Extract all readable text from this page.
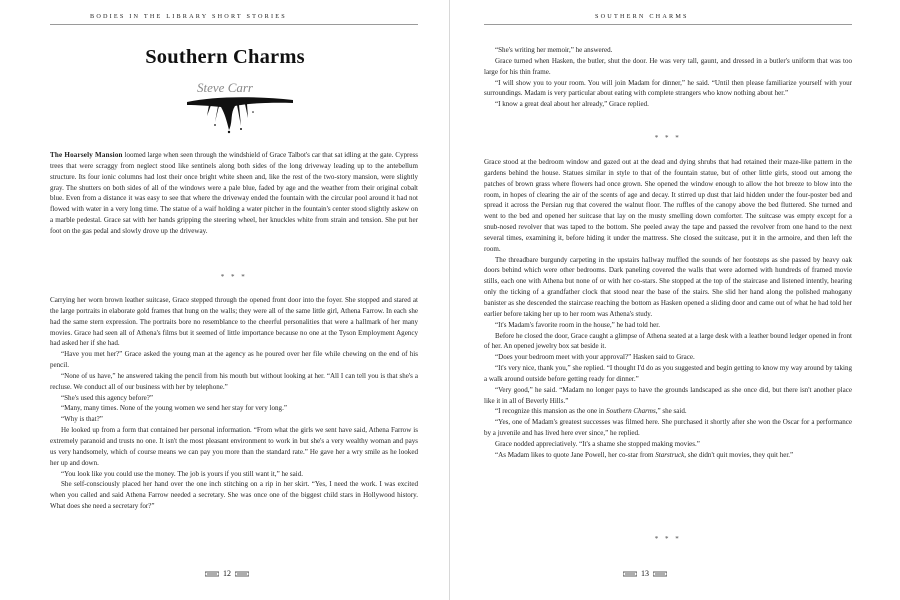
BODIES IN THE LIBRARY SHORT STORIES
Southern Charms
Steve Carr

The Hoarsely Mansion loomed large when seen through the windshield of Grace Talbot's car that sat idling at the gate. Cypress trees that were scraggy from neglect stood like sentinels along both sides of the long driveway leading up to the antebellum structure. Its four ionic columns had lost their once bright white sheen and, like the rest of the two-story mansion, were slightly gray. The shutters on both sides of all of the windows were a pale blue, faded by age and the weather from their original cobalt blue. Even from a distance it was easy to see that where the driveway ended the fountain with the circular pool around it had not flowed with water in a very long time. The statue of a waif holding a water pitcher in the fountain's center stood slightly askew on a marble pedestal. Grace sat with her hands gripping the steering wheel, her knuckles white from strain and tension. She put her foot on the gas pedal and slowly drove up the driveway.

* * *

Carrying her worn brown leather suitcase, Grace stepped through the opened front door into the foyer. She stopped and stared at the large portraits in elaborate gold frames that hung on the walls; they were all of the same little girl, Athena Farrow. In each she had the same stern expression. The portraits bore no resemblance to the cheerful personalities that were a hallmark of her many movies. Grace had seen all of Athena's films but it seemed of little importance because no one at the Tyson Employment Agency had asked her if she had.

“Have you met her?” Grace asked the young man at the agency as he poured over her file while chewing on the end of his pencil.

“None of us have,” he answered taking the pencil from his mouth but without looking at her. “All I can tell you is that she's a recluse. We conduct all of our business with her by telephone.”

“She's used this agency before?”

“Many, many times. None of the young women we send her stay for very long.”

“Why is that?”

He looked up from a form that contained her personal information. “From what the girls we sent have said, Athena Farrow is extremely paranoid and trusts no one. It isn't the most pleasant environment to work in but she's a very wealthy woman and pays us very handsomely, which of course means we can pay you more than the standard rate.” He gave her a wry smile as he looked her up and down.

“You look like you could use the money. The job is yours if you still want it,” he said.

She self-consciously placed her hand over the one inch stitching on a rip in her skirt. “Yes, I need the work. I was excited when you called and said Athena Farrow needed a secretary. She was once one of the biggest child stars in Hollywood history. What does she need a secretary for?”

12
SOUTHERN CHARMS

“She's writing her memoir,” he answered.

Grace turned when Hasken, the butler, shut the door. He was very tall, gaunt, and dressed in a butler's uniform that was too large for his thin frame.

“I will show you to your room. You will join Madam for dinner,” he said. “Until then please familiarize yourself with your surroundings. Madam is very particular about eating with complete strangers who know nothing about her.”

“I know a great deal about her already,” Grace replied.

* * *

Grace stood at the bedroom window and gazed out at the dead and dying shrubs that had retained their maze-like pattern in the gardens behind the house. Statues similar in style to that of the fountain statue, but of other little girls, stood out among the patches of brown grass where flowers had once grown. She opened the window enough to allow the hot breeze to blow into the room, in hopes of clearing the air of the scents of age and decay. It stirred up dust that laid hidden under the four-poster bed and spread it across the Persian rug that covered the walnut floor. The ruffles of the canopy above the bed fluttered. She turned and went to the bed and opened her suitcase that lay on the musty smelling down comforter. The suitcase was empty except for a snub-nosed revolver that was taped to the bottom. She peeled away the tape and passed the revolver from one hand to the next several times, examining it, before hiding it under the mattress. She closed the suitcase, put it in the armoire, and then left the room.

The threadbare burgundy carpeting in the upstairs hallway muffled the sounds of her footsteps as she passed by heavy oak doors behind which were other bedrooms. Dark paneling covered the walls that were adorned with hundreds of framed movie stills, each one with Athena but none of or with her co-stars. She stopped at the top of the staircase and listened intently, hearing only the ticking of a grandfather clock that stood near the base of the stairs. She slid her hand along the polished mahogany banister as she descended the staircase reaching the bottom as Hasken opened a sliding door and came out of what he had told her earlier before taking her up to her room was Athena's study.

“It's Madam's favorite room in the house,” he had told her.

Before he closed the door, Grace caught a glimpse of Athena seated at a large desk with a leather bound ledger opened in front of her. An opened jewelry box sat beside it.

“Does your bedroom meet with your approval?” Hasken said to Grace.

“It's very nice, thank you,” she replied. “I thought I'd do as you suggested and begin getting to know my way around by taking a walk around outside before getting ready for dinner.”

“Very good,” he said. “Madam no longer pays to have the grounds landscaped as she once did, but there isn't another place like it in all of Beverly Hills.”

“I recognize this mansion as the one in Southern Charms,” she said.

“Yes, one of Madam's greatest successes was filmed here. She purchased it shortly after she won the Oscar for a performance by a juvenile and has lived here ever since,” he replied.

Grace nodded appreciatively. “It's a shame she stopped making movies.”

“As Madam likes to quote Jane Powell, her co-star from Starstruck, she didn't quit movies, they quit her.”

* * *
13
